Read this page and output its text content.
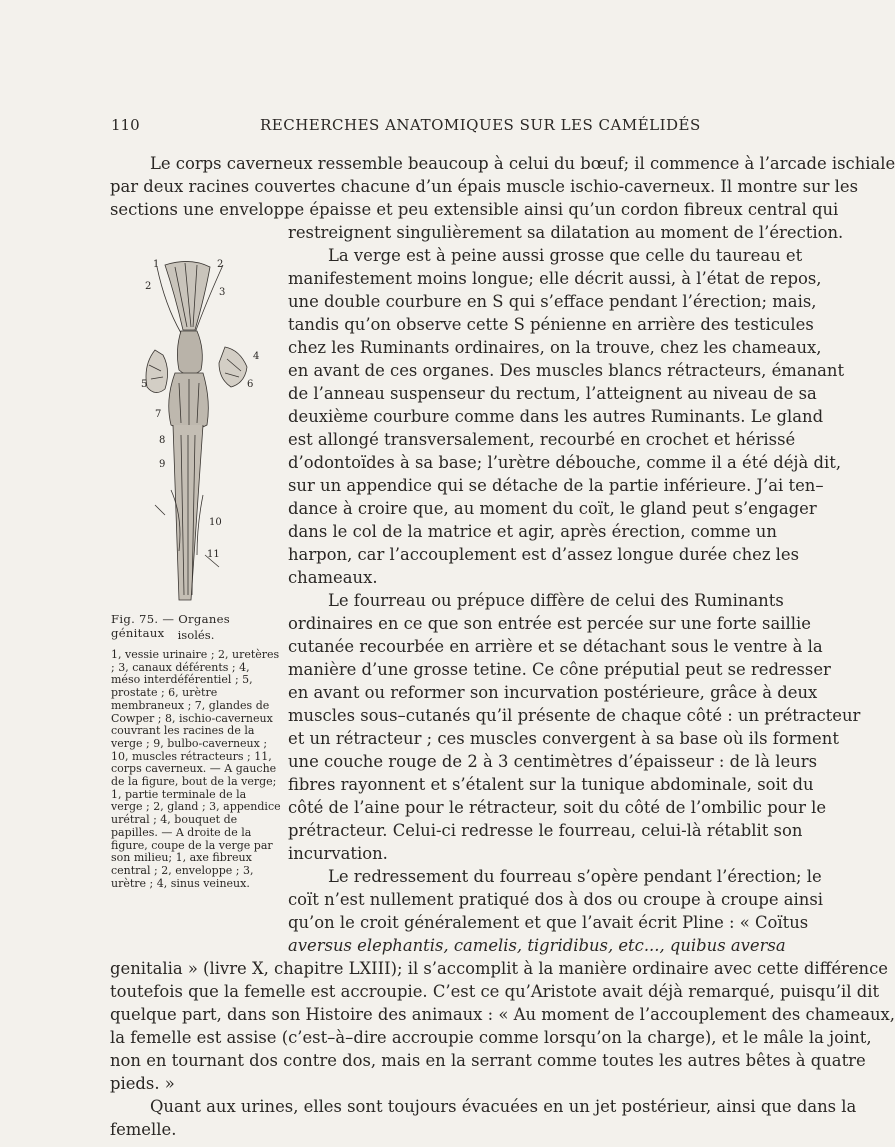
110	RECHERCHES ANATOMIQUES SUR LES CAMÉLIDÉS
Le corps caverneux ressemble beaucoup à celui du bœuf; il commence à l’arcade ischiale
par deux racines couvertes chacune d’un épais muscle ischio-caverneux. Il montre sur les
sections une enveloppe épaisse et peu extensible ainsi qu’un cordon fibreux central qui
restreignent singulièrement sa dilatation au moment de l’érection.
La verge est à peine aussi grosse que celle du taureau et
manifestement moins longue; elle décrit aussi, à l’état de repos,
une double courbure en S qui s’efface pendant l’érection; mais,
tandis qu’on observe cette S pénienne en arrière des testicules
chez les Ruminants ordinaires, on la trouve, chez les chameaux,
en avant de ces organes. Des muscles blancs rétracteurs, émanant
de l’anneau suspenseur du rectum, l’atteignent au niveau de sa
deuxième courbure comme dans les autres Ruminants. Le gland
est allongé transversalement, recourbé en crochet et hérissé
d’odontoïdes à sa base; l’urètre débouche, comme il a été déjà dit,
sur un appendice qui se détache de la partie inférieure. J’ai ten–
dance à croire que, au moment du coït, le gland peut s’engager
dans le col de la matrice et agir, après érection, comme un
harpon, car l’accouplement est d’assez longue durée chez les
chameaux.
Le fourreau ou prépuce diffère de celui des Ruminants
ordinaires en ce que son entrée est percée sur une forte saillie
cutanée recourbée en arrière et se détachant sous le ventre à la
manière d’une grosse tetine. Ce cône préputial peut se redresser
en avant ou reformer son incurvation postérieure, grâce à deux
muscles sous–cutanés qu’il présente de chaque côté : un prétracteur
et un rétracteur ; ces muscles convergent à sa base où ils forment
une couche rouge de 2 à 3 centimètres d’épaisseur : de là leurs
fibres rayonnent et s’étalent sur la tunique abdominale, soit du
côté de l’aine pour le rétracteur, soit du côté de l’ombilic pour le
prétracteur. Celui-ci redresse le fourreau, celui-là rétablit son
incurvation.
Le redressement du fourreau s’opère pendant l’érection; le
coït n’est nullement pratiqué dos à dos ou croupe à croupe ainsi
qu’on le croit généralement et que l’avait écrit Pline : « Coïtus
aversus elephantis, camelis, tigridibus, etc..., quibus aversa
genitalia » (livre X, chapitre LXIII); il s’accomplit à la manière ordinaire avec cette différence
toutefois que la femelle est accroupie. C’est ce qu’Aristote avait déjà remarqué, puisqu’il dit
quelque part, dans son Histoire des animaux : « Au moment de l’accouplement des chameaux,
la femelle est assise (c’est–à–dire accroupie comme lorsqu’on la charge), et le mâle la joint,
non en tournant dos contre dos, mais en la serrant comme toutes les autres bêtes à quatre
pieds. »
Quant aux urines, elles sont toujours évacuées en un jet postérieur, ainsi que dans la
femelle.
1	2
2
3
4
5	6
7
8
9
10
11
Fig. 75. — Organes génitaux	isolés.
1, vessie urinaire ; 2, uretères ; 3, canaux déférents ; 4, méso interdéférentiel ; 5, prostate ; 6, urètre membraneux ; 7, glandes de Cowper ; 8, ischio-caverneux couvrant les racines de la verge ; 9, bulbo-caverneux ; 10, muscles rétracteurs ; 11, corps caverneux. — A gauche de la figure, bout de la verge; 1, partie terminale de la verge ; 2, gland ; 3, appendice urétral ; 4, bouquet de papilles. — A droite de la figure, coupe de la verge par son milieu; 1, axe fibreux central ; 2, enveloppe ; 3, urètre ; 4, sinus veineux.
